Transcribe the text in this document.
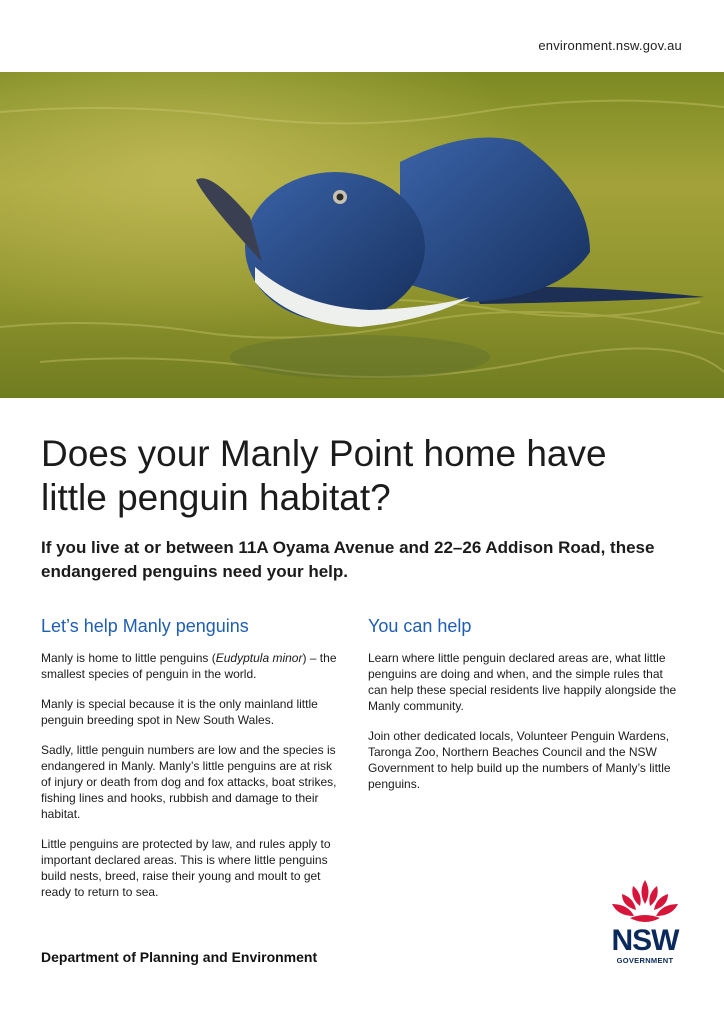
environment.nsw.gov.au
Does your Manly Point home have little penguin habitat?

If you live at or between 11A Oyama Avenue and 22–26 Addison Road, these endangered penguins need your help.

Let’s help Manly penguins

Manly is home to little penguins (Eudyptula minor) – the smallest species of penguin in the world.

Manly is special because it is the only mainland little penguin breeding spot in New South Wales.

Sadly, little penguin numbers are low and the species is endangered in Manly. Manly’s little penguins are at risk of injury or death from dog and fox attacks, boat strikes, fishing lines and hooks, rubbish and damage to their habitat.

Little penguins are protected by law, and rules apply to important declared areas. This is where little penguins build nests, breed, raise their young and moult to get ready to return to sea.

You can help

Learn where little penguin declared areas are, what little penguins are doing and when, and the simple rules that can help these special residents live happily alongside the Manly community.

Join other dedicated locals, Volunteer Penguin Wardens, Taronga Zoo, Northern Beaches Council and the NSW Government to help build up the numbers of Manly’s little penguins.

Department of Planning and Environment	NSW
GOVERNMENT
